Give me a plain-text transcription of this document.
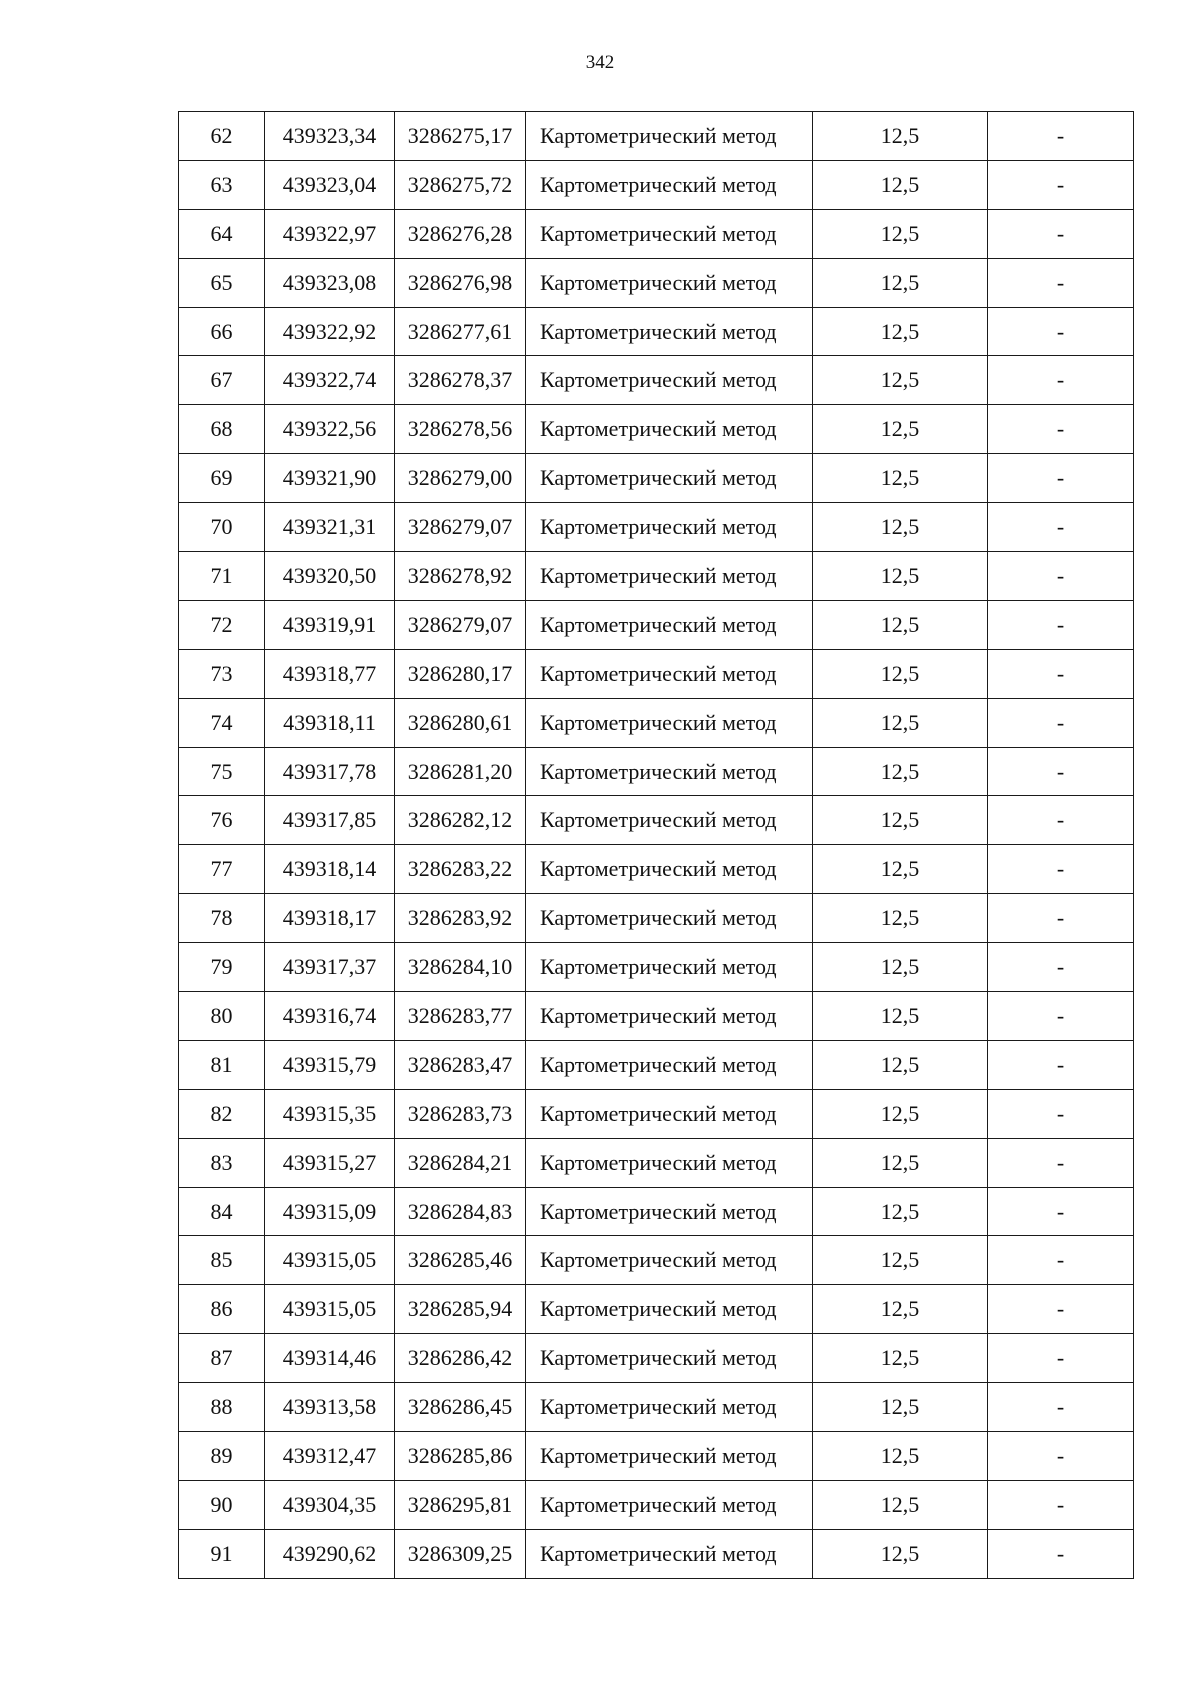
342
62	439323,34	3286275,17	Картометрический метод	12,5	-
63	439323,04	3286275,72	Картометрический метод	12,5	-
64	439322,97	3286276,28	Картометрический метод	12,5	-
65	439323,08	3286276,98	Картометрический метод	12,5	-
66	439322,92	3286277,61	Картометрический метод	12,5	-
67	439322,74	3286278,37	Картометрический метод	12,5	-
68	439322,56	3286278,56	Картометрический метод	12,5	-
69	439321,90	3286279,00	Картометрический метод	12,5	-
70	439321,31	3286279,07	Картометрический метод	12,5	-
71	439320,50	3286278,92	Картометрический метод	12,5	-
72	439319,91	3286279,07	Картометрический метод	12,5	-
73	439318,77	3286280,17	Картометрический метод	12,5	-
74	439318,11	3286280,61	Картометрический метод	12,5	-
75	439317,78	3286281,20	Картометрический метод	12,5	-
76	439317,85	3286282,12	Картометрический метод	12,5	-
77	439318,14	3286283,22	Картометрический метод	12,5	-
78	439318,17	3286283,92	Картометрический метод	12,5	-
79	439317,37	3286284,10	Картометрический метод	12,5	-
80	439316,74	3286283,77	Картометрический метод	12,5	-
81	439315,79	3286283,47	Картометрический метод	12,5	-
82	439315,35	3286283,73	Картометрический метод	12,5	-
83	439315,27	3286284,21	Картометрический метод	12,5	-
84	439315,09	3286284,83	Картометрический метод	12,5	-
85	439315,05	3286285,46	Картометрический метод	12,5	-
86	439315,05	3286285,94	Картометрический метод	12,5	-
87	439314,46	3286286,42	Картометрический метод	12,5	-
88	439313,58	3286286,45	Картометрический метод	12,5	-
89	439312,47	3286285,86	Картометрический метод	12,5	-
90	439304,35	3286295,81	Картометрический метод	12,5	-
91	439290,62	3286309,25	Картометрический метод	12,5	-
